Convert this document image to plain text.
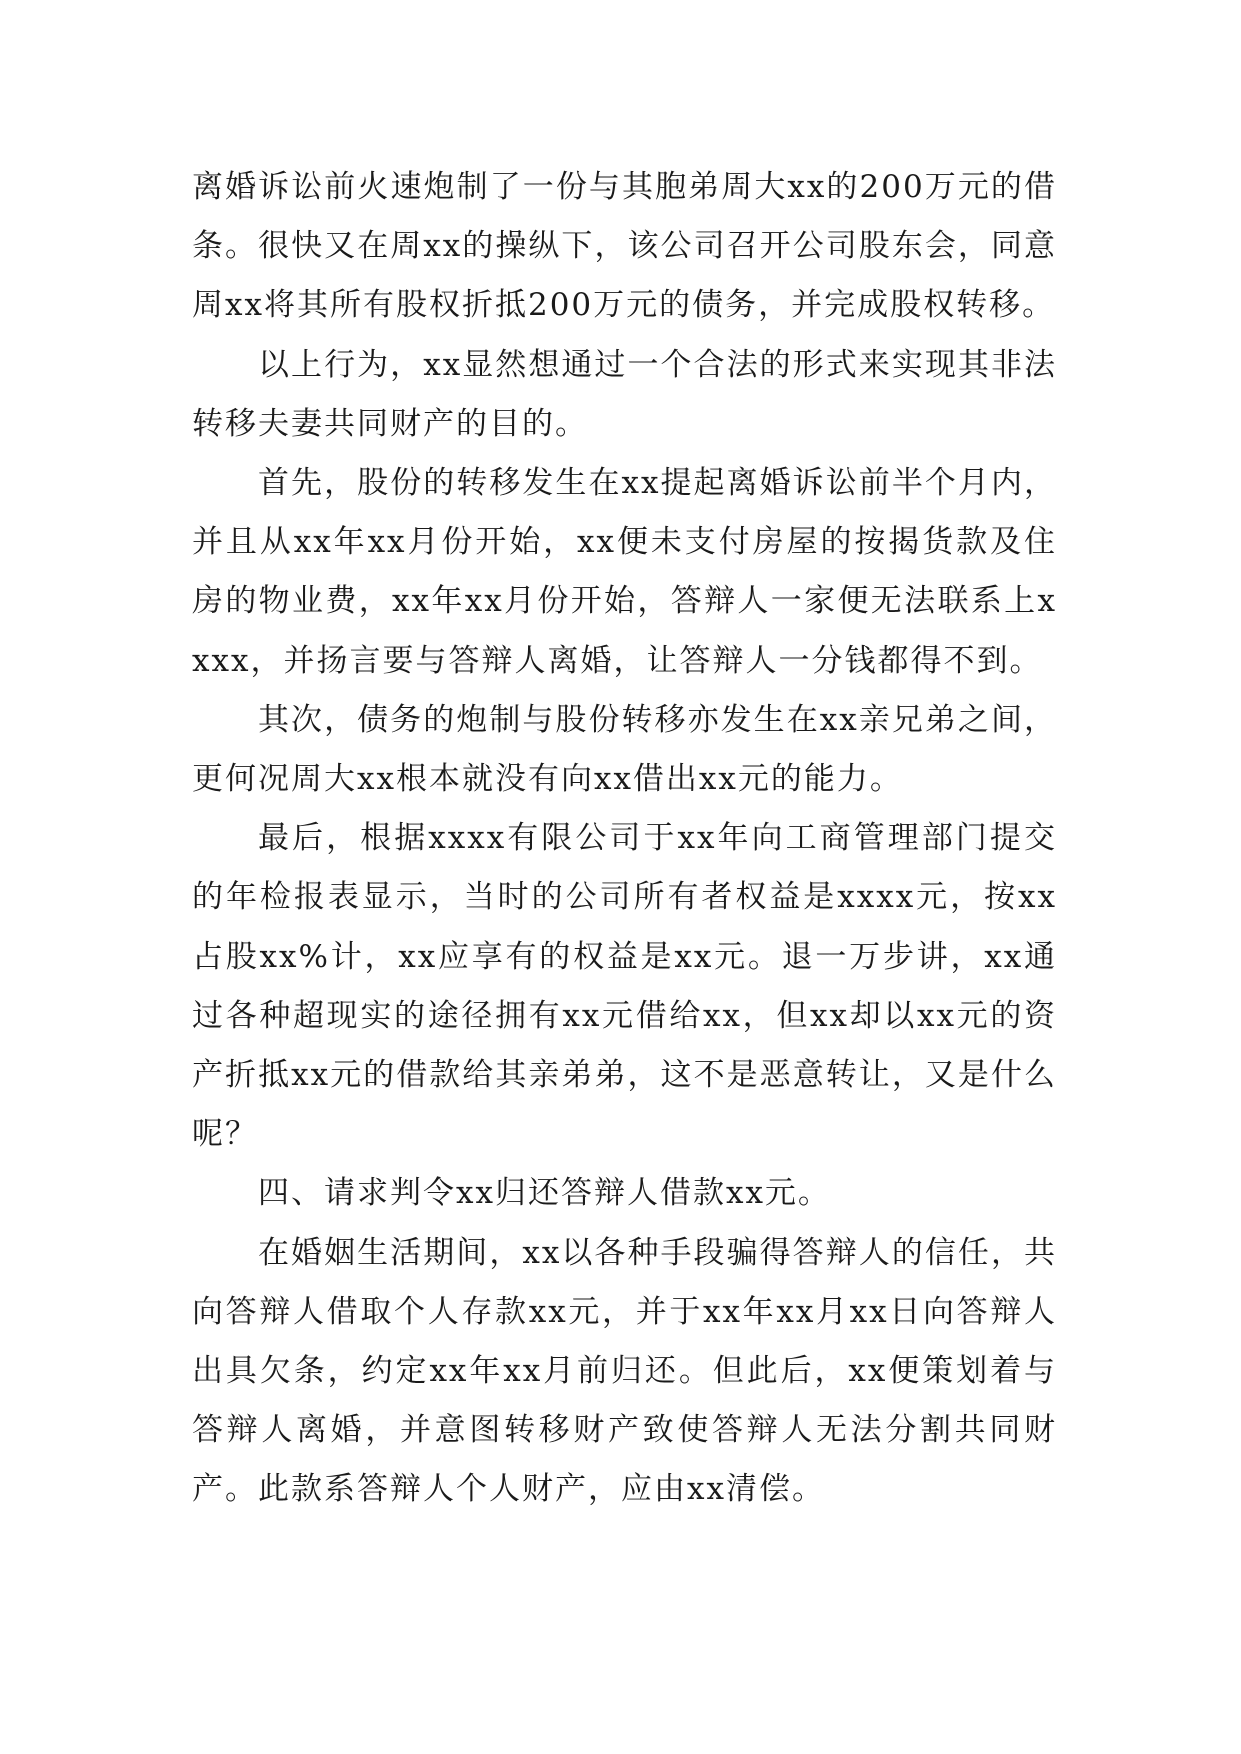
离婚诉讼前火速炮制了一份与其胞弟周大xx的200万元的借条。很快又在周xx的操纵下，该公司召开公司股东会，同意周xx将其所有股权折抵200万元的债务，并完成股权转移。

以上行为，xx显然想通过一个合法的形式来实现其非法转移夫妻共同财产的目的。

首先，股份的转移发生在xx提起离婚诉讼前半个月内，并且从xx年xx月份开始，xx便未支付房屋的按揭货款及住房的物业费，xx年xx月份开始，答辩人一家便无法联系上xxxx，并扬言要与答辩人离婚，让答辩人一分钱都得不到。

其次，债务的炮制与股份转移亦发生在xx亲兄弟之间，更何况周大xx根本就没有向xx借出xx元的能力。

最后，根据xxxx有限公司于xx年向工商管理部门提交的年检报表显示，当时的公司所有者权益是xxxx元，按xx占股xx%计，xx应享有的权益是xx元。退一万步讲，xx通过各种超现实的途径拥有xx元借给xx，但xx却以xx元的资产折抵xx元的借款给其亲弟弟，这不是恶意转让，又是什么呢？

四、请求判令xx归还答辩人借款xx元。

在婚姻生活期间，xx以各种手段骗得答辩人的信任，共向答辩人借取个人存款xx元，并于xx年xx月xx日向答辩人出具欠条，约定xx年xx月前归还。但此后，xx便策划着与答辩人离婚，并意图转移财产致使答辩人无法分割共同财产。此款系答辩人个人财产，应由xx清偿。
